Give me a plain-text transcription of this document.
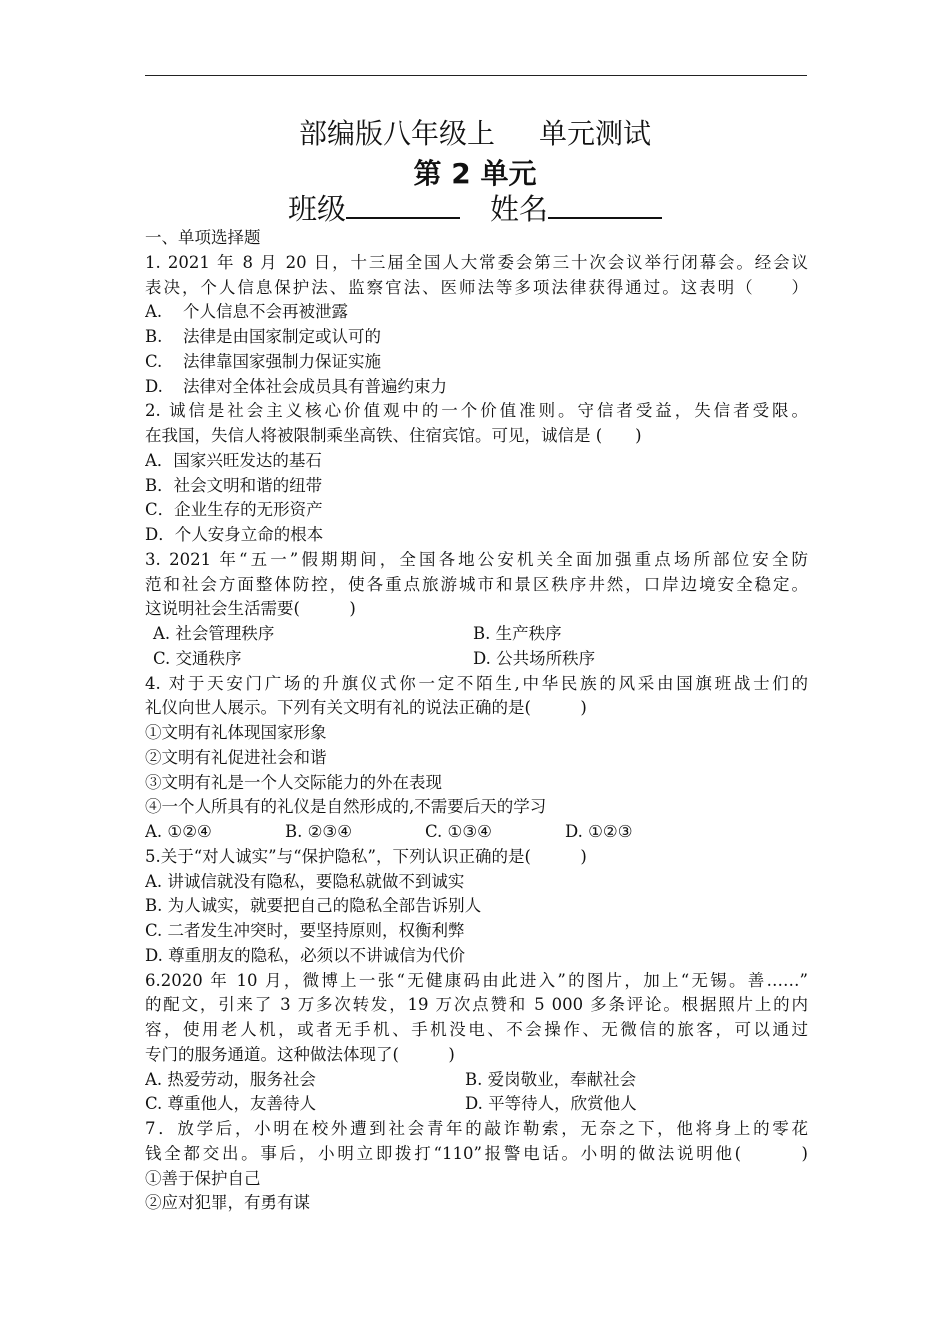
部编版八年级上 单元测试
第 2 单元
班级	姓名
一、单项选择题
1. 2021 年 8 月 20 日，十三届全国人大常委会第三十次会议举行闭幕会。经会议
表决，个人信息保护法、监察官法、医师法等多项法律获得通过。这表明（　　）
A. 个人信息不会再被泄露
B. 法律是由国家制定或认可的
C. 法律靠国家强制力保证实施
D. 法律对全体社会成员具有普遍约束力
2. 诚信是社会主义核心价值观中的一个价值准则。守信者受益，失信者受限。
在我国，失信人将被限制乘坐高铁、住宿宾馆。可见，诚信是 (　　)
A．国家兴旺发达的基石
B．社会文明和谐的纽带
C．企业生存的无形资产
D．个人安身立命的根本
3. 2021 年“五一”假期期间，全国各地公安机关全面加强重点场所部位安全防
范和社会方面整体防控，使各重点旅游城市和景区秩序井然，口岸边境安全稳定。
这说明社会生活需要(　　　)
A. 社会管理秩序	B. 生产秩序
C. 交通秩序	D. 公共场所秩序
4. 对于天安门广场的升旗仪式你一定不陌生,中华民族的风采由国旗班战士们的
礼仪向世人展示。下列有关文明有礼的说法正确的是(　　　)
①文明有礼体现国家形象
②文明有礼促进社会和谐
③文明有礼是一个人交际能力的外在表现
④一个人所具有的礼仪是自然形成的,不需要后天的学习
A. ①②④	B. ②③④	C. ①③④	D. ①②③
5.关于“对人诚实”与“保护隐私”，下列认识正确的是(　　　)
A. 讲诚信就没有隐私，要隐私就做不到诚实
B. 为人诚实，就要把自己的隐私全部告诉别人
C. 二者发生冲突时，要坚持原则，权衡利弊
D. 尊重朋友的隐私，必须以不讲诚信为代价
6.2020 年 10 月，微博上一张“无健康码由此进入”的图片，加上“无锡。善……”
的配文，引来了 3 万多次转发，19 万次点赞和 5 000 多条评论。根据照片上的内
容，使用老人机，或者无手机、手机没电、不会操作、无微信的旅客，可以通过
专门的服务通道。这种做法体现了(　　　)
A. 热爱劳动，服务社会	B. 爱岗敬业，奉献社会
C. 尊重他人，友善待人	D. 平等待人，欣赏他人
7．放学后，小明在校外遭到社会青年的敲诈勒索，无奈之下，他将身上的零花
钱全都交出。事后，小明立即拨打“110”报警电话。小明的做法说明他(　　　)
①善于保护自己
②应对犯罪，有勇有谋
